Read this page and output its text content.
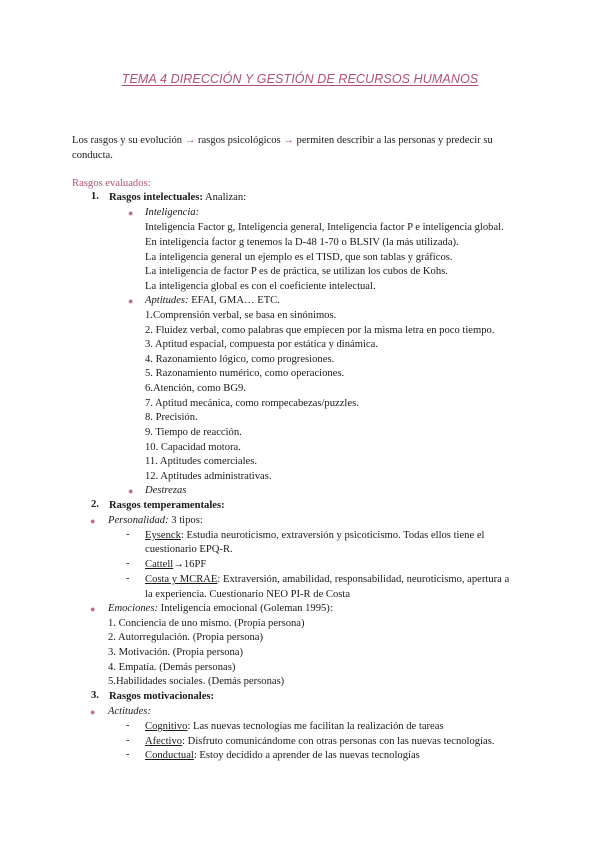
TEMA 4 DIRECCIÓN Y GESTIÓN DE RECURSOS HUMANOS
Los rasgos y su evolución → rasgos psicológicos → permiten describir a las personas y predecir su
conducta.
Rasgos evaluados:
1. Rasgos intelectuales: Analizan:
● Inteligencia:
Inteligencia Factor g, Inteligencia general, Inteligencia factor P e inteligencia global.
En inteligencia factor g tenemos la D-48 1-70 o BLSIV (la más utilizada).
La inteligencia general un ejemplo es el TISD, que son tablas y gráficos.
La inteligencia de factor P es de práctica, se utilizan los cubos de Kohs.
La inteligencia global es con el coeficiente intelectual.
● Aptitudes: EFAI, GMA… ETC.
1.Comprensión verbal, se basa en sinónimos.
2. Fluidez verbal, como palabras que empiecen por la misma letra en poco tiempo.
3. Aptitud espacial, compuesta por estática y dinámica.
4. Razonamiento lógico, como progresiones.
5. Razonamiento numérico, como operaciones.
6.Atención, como BG9.
7. Aptitud mecánica, como rompecabezas/puzzles.
8. Precisión.
9. Tiempo de reacción.
10. Capacidad motora.
11. Aptitudes comerciales.
12. Aptitudes administrativas.
● Destrezas
2. Rasgos temperamentales:
● Personalidad: 3 tipos:
- Eysenck: Estudia neuroticismo, extraversión y psicoticismo. Todas ellos tiene el
cuestionario EPQ-R.
- Cattell→16PF
- Costa y MCRAE: Extraversión, amabilidad, responsabilidad, neuroticismo, apertura a
la experiencia. Cuestionario NEO PI-R de Costa
● Emociones: Inteligencia emocional (Goleman 1995):
1. Conciencia de uno mismo. (Propia persona)
2. Autorregulación. (Propia persona)
3. Motivación. (Propia persona)
4. Empatía. (Demás personas)
5.Habilidades sociales. (Demás personas)
3. Rasgos motivacionales:
● Actitudes:
- Cognitivo: Las nuevas tecnologías me facilitan la realización de tareas
- Afectivo: Disfruto comunicándome con otras personas con las nuevas tecnologías.
- Conductual: Estoy decidido a aprender de las nuevas tecnologías
